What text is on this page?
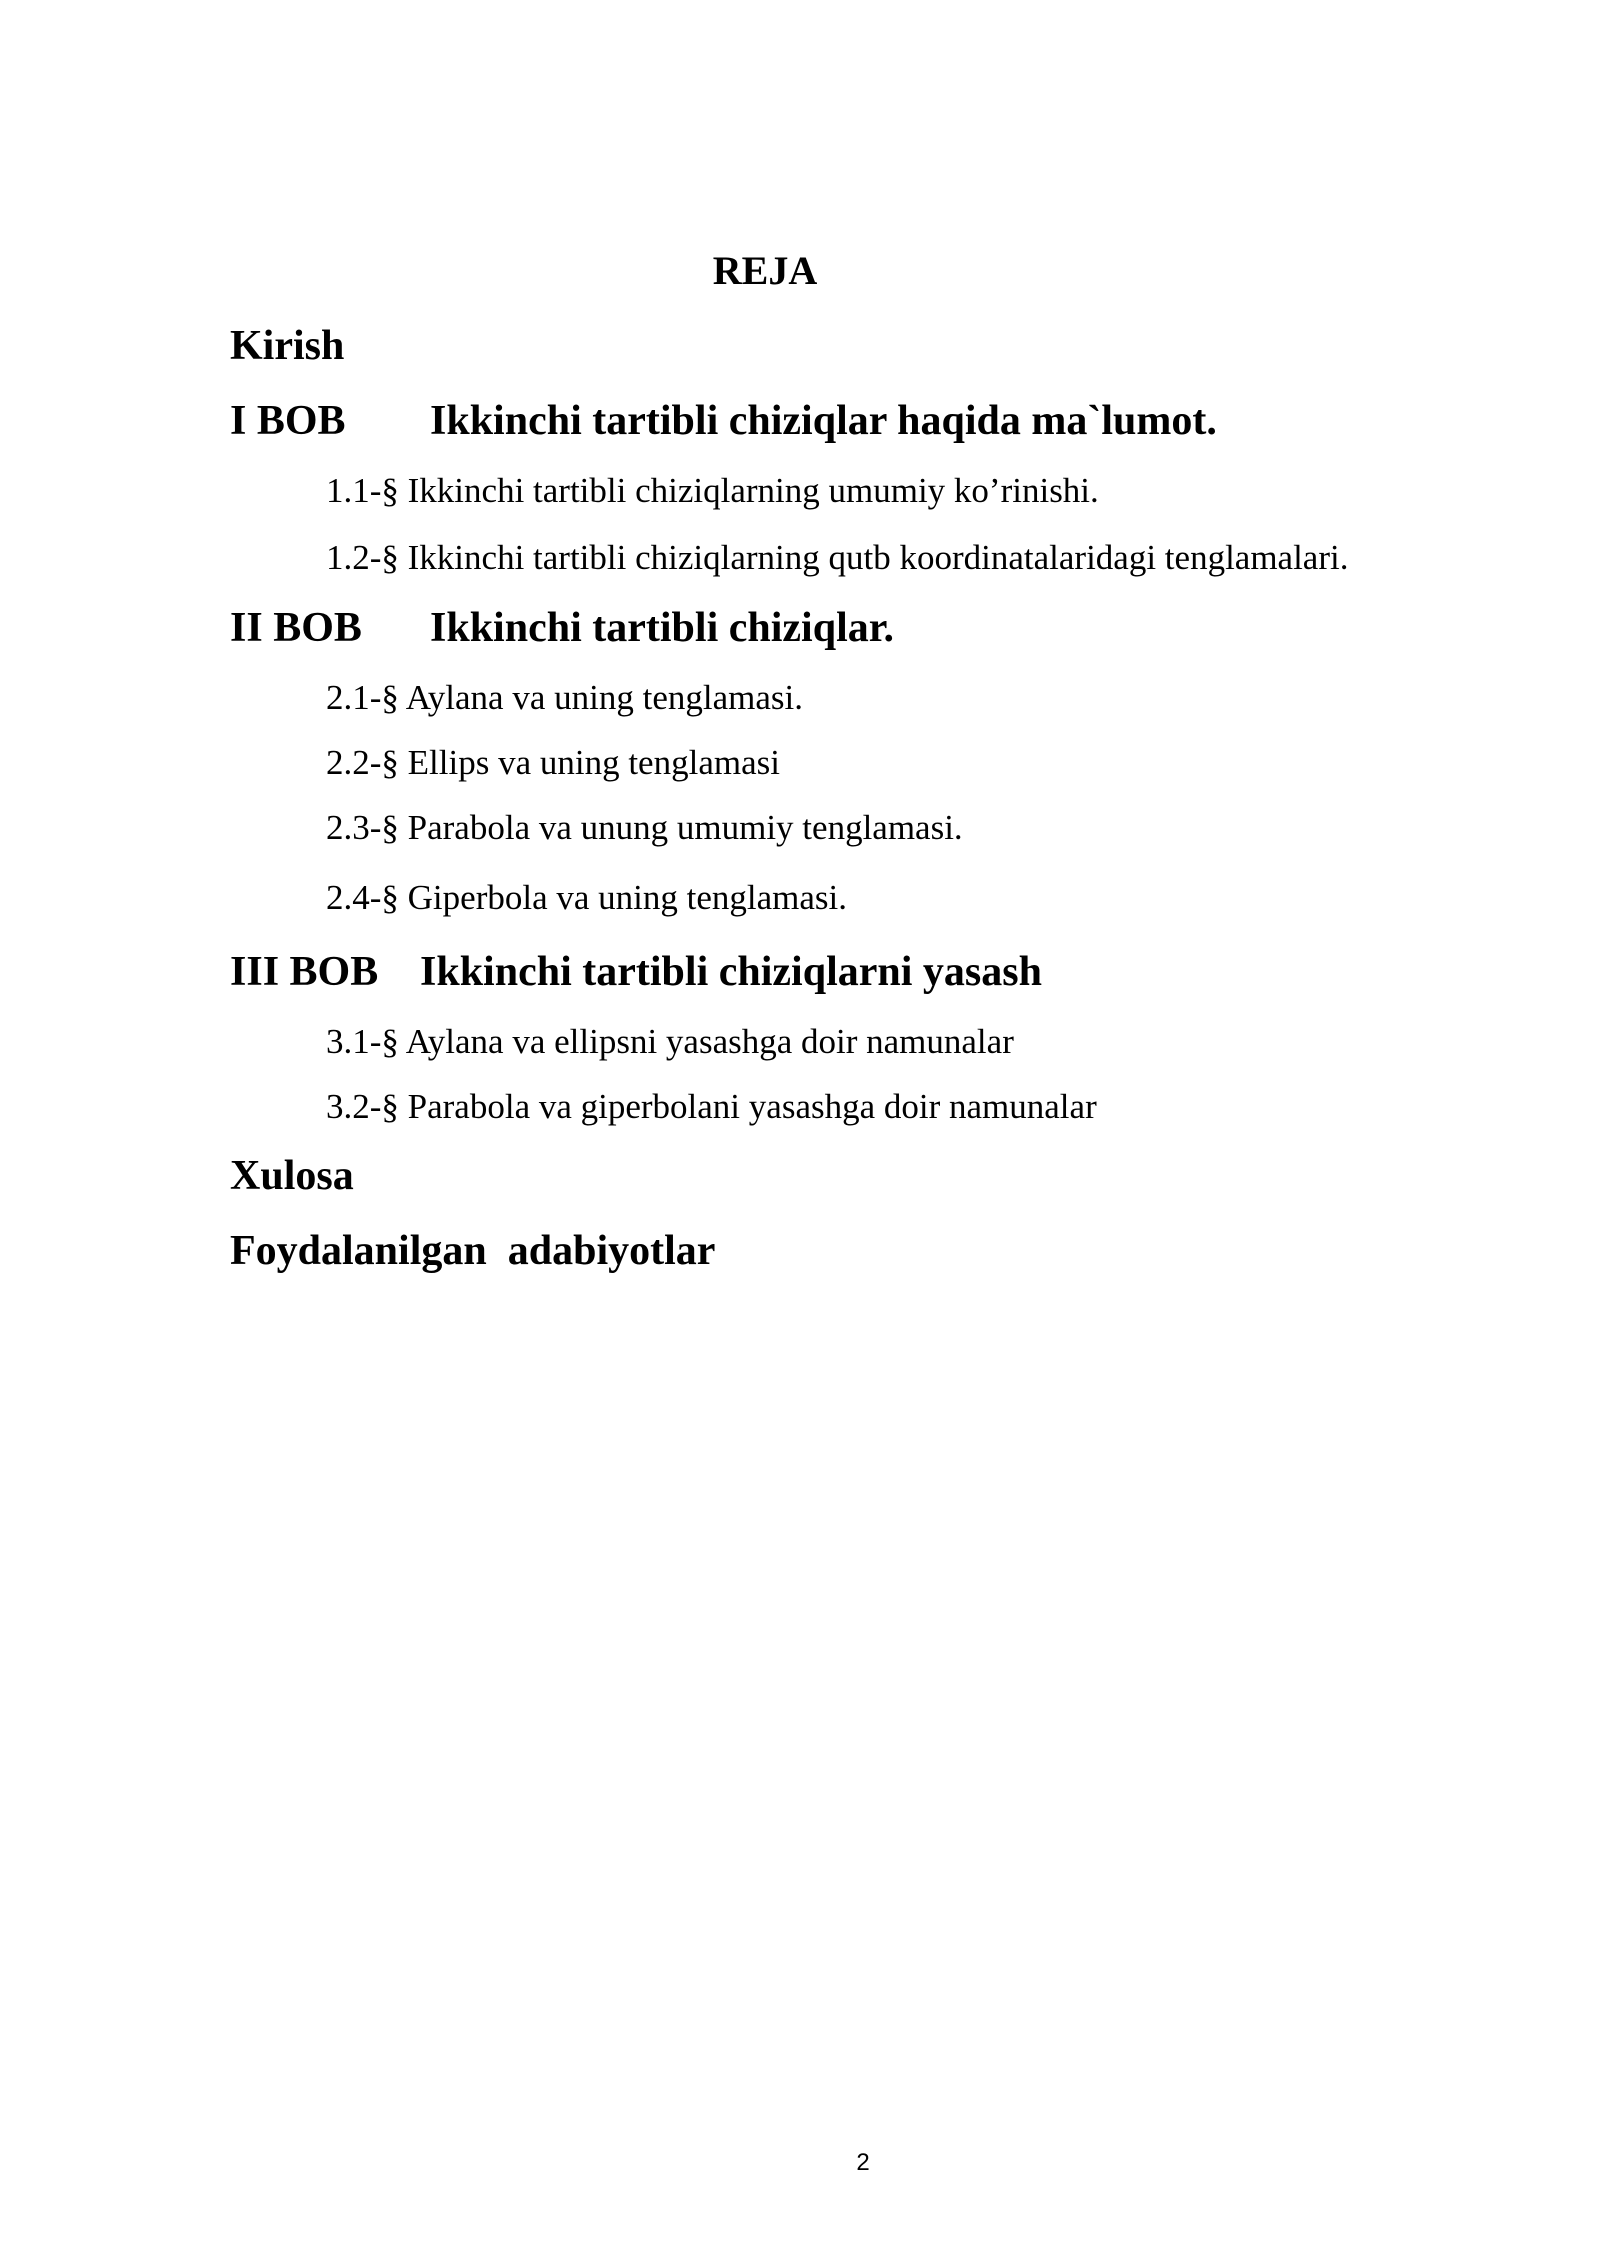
REJA
Kirish
I BOB Ikkinchi tartibli chiziqlar haqida ma`lumot.
1.1-§ Ikkinchi tartibli chiziqlarning umumiy ko’rinishi.
1.2-§ Ikkinchi tartibli chiziqlarning qutb koordinatalaridagi tenglamalari.
II BOB Ikkinchi tartibli chiziqlar.
2.1-§ Aylana va uning tenglamasi.
2.2-§ Ellips va uning tenglamasi
2.3-§ Parabola va unung umumiy tenglamasi.
2.4-§ Giperbola va uning tenglamasi.
III BOB Ikkinchi tartibli chiziqlarni yasash
3.1-§ Aylana va ellipsni yasashga doir namunalar
3.2-§ Parabola va giperbolani yasashga doir namunalar
Xulosa
Foydalanilgan  adabiyotlar
2
